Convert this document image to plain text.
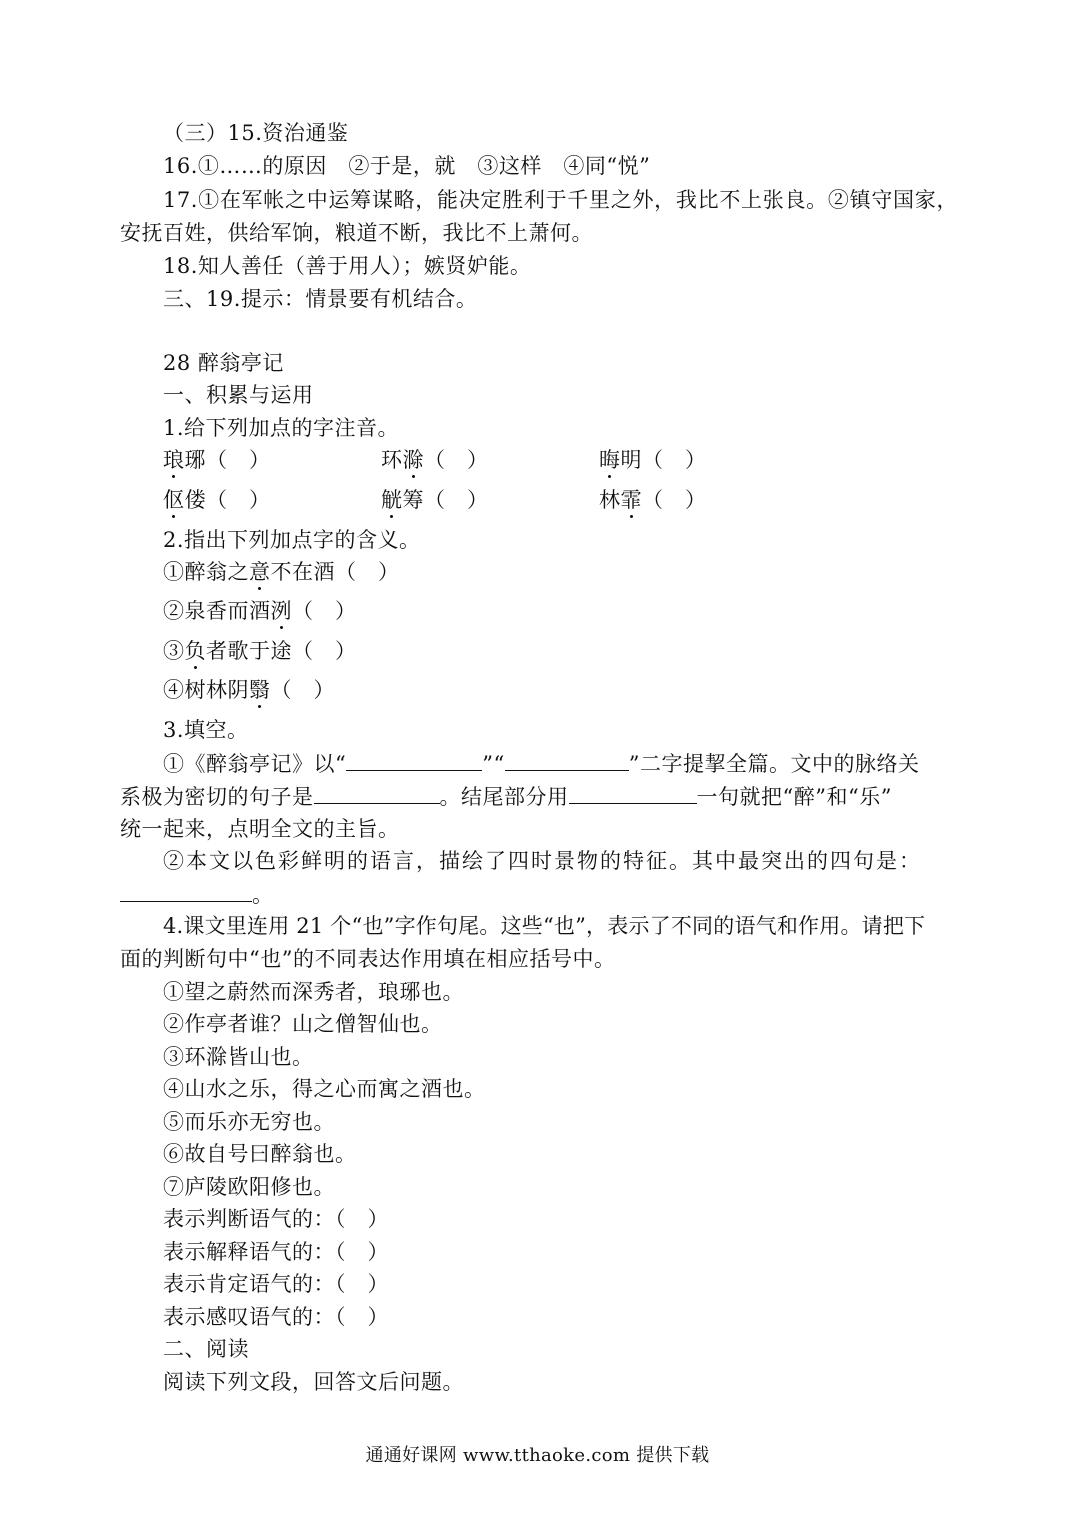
（三）15.资治通鉴
16.①……的原因　②于是，就　③这样　④同“悦”
17.①在军帐之中运筹谋略，能决定胜利于千里之外，我比不上张良。②镇守国家，
安抚百姓，供给军饷，粮道不断，我比不上萧何。
18.知人善任（善于用人）；嫉贤妒能。
三、19.提示：情景要有机结合。
28 醉翁亭记
一、积累与运用
1.给下列加点的字注音。
琅琊（　）	环滁（　）	晦明（　）
伛偻（　）	觥筹（　）	林霏（　）
2.指出下列加点字的含义。
①醉翁之意不在酒（　）
②泉香而酒洌（　）
③负者歌于途（　）
④树林阴翳（　）
3.填空。
①《醉翁亭记》以“	”“	”二字提挈全篇。文中的脉络关
系极为密切的句子是	。结尾部分用	一句就把“醉”和“乐”
统一起来，点明全文的主旨。
②本文以色彩鲜明的语言，描绘了四时景物的特征。其中最突出的四句是：
。
4.课文里连用 21 个“也”字作句尾。这些“也”，表示了不同的语气和作用。请把下
面的判断句中“也”的不同表达作用填在相应括号中。
①望之蔚然而深秀者，琅琊也。
②作亭者谁？山之僧智仙也。
③环滁皆山也。
④山水之乐，得之心而寓之酒也。
⑤而乐亦无穷也。
⑥故自号曰醉翁也。
⑦庐陵欧阳修也。
表示判断语气的：（　）
表示解释语气的：（　）
表示肯定语气的：（　）
表示感叹语气的：（　）
二、阅读
阅读下列文段，回答文后问题。
通通好课网 www.tthaoke.com 提供下载
